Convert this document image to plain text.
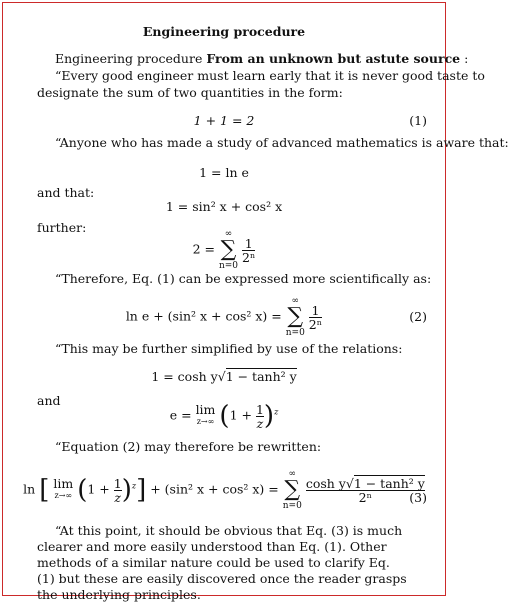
Engineering procedure
Engineering procedure From an unknown but astute source :
“Every good engineer must learn early that it is never good taste to
designate the sum of two quantities in the form:
1 + 1 = 2	(1)
“Anyone who has made a study of advanced mathematics is aware that:
1 = ln e
and that:
1 = sin² x + cos² x
further:
2 = ∞
∑
n=0
$\frac{1}{\text{2ⁿ}}$
“Therefore, Eq. (1) can be expressed more scientifically as:
ln e + (sin² x + cos² x) = ∞
∑
n=0
$\frac{1}{\text{2ⁿ}}$	(2)
“This may be further simplified by use of the relations:
1 = cosh y√1 − tanh² y
and
e = lim
z→∞ $(1 + \frac{1}{z} )^z$
“Equation (2) may therefore be rewritten:
ln [ lim
z→∞ $(1 + \frac{1}{z} )^z] + (\sin^2$ x + cos² x) = ∞
∑
n=0
$\frac{\text{cosh y√1 − tanh² y}}{\text{2ⁿ}}$
(3)
“At this point, it should be obvious that Eq. (3) is much clearer and more easily understood than Eq. (1). Other methods of a similar nature could be used to clarify Eq. (1) but these are easily discovered once the reader grasps the underlying principles.
